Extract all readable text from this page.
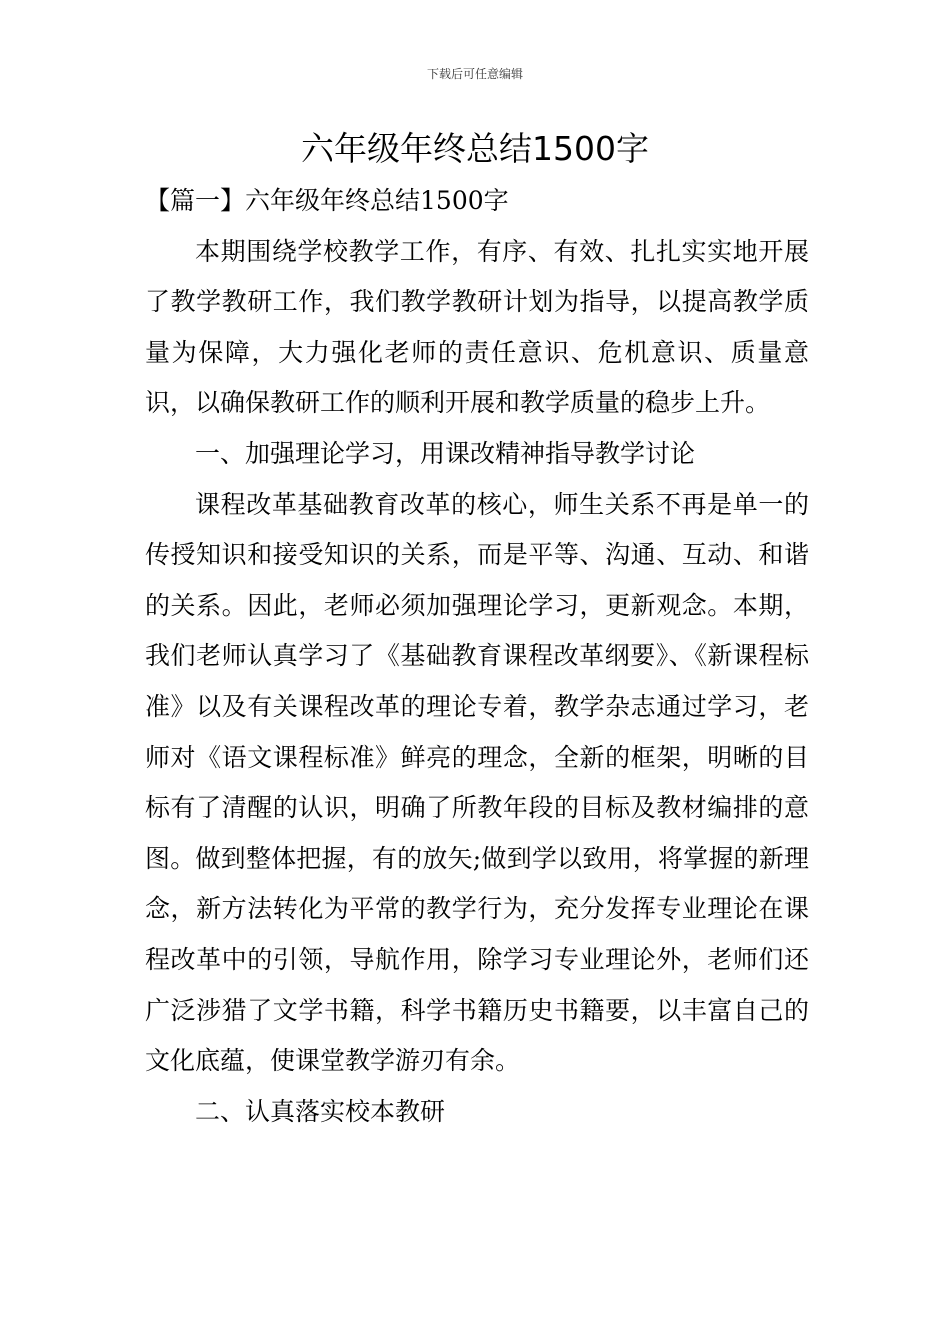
下载后可任意编辑
六年级年终总结1500字

【篇一】六年级年终总结1500字

本期围绕学校教学工作，有序、有效、扎扎实实地开展了教学教研工作，我们教学教研计划为指导，以提高教学质量为保障，大力强化老师的责任意识、危机意识、质量意识，以确保教研工作的顺利开展和教学质量的稳步上升。

一、加强理论学习，用课改精神指导教学讨论

课程改革基础教育改革的核心，师生关系不再是单一的传授知识和接受知识的关系，而是平等、沟通、互动、和谐的关系。因此，老师必须加强理论学习，更新观念。本期，我们老师认真学习了《基础教育课程改革纲要》、《新课程标准》以及有关课程改革的理论专着，教学杂志通过学习，老师对《语文课程标准》鲜亮的理念，全新的框架，明晰的目标有了清醒的认识，明确了所教年段的目标及教材编排的意图。做到整体把握，有的放矢;做到学以致用，将掌握的新理念，新方法转化为平常的教学行为，充分发挥专业理论在课程改革中的引领，导航作用，除学习专业理论外，老师们还广泛涉猎了文学书籍，科学书籍历史书籍要，以丰富自己的文化底蕴，使课堂教学游刃有余。

二、认真落实校本教研
